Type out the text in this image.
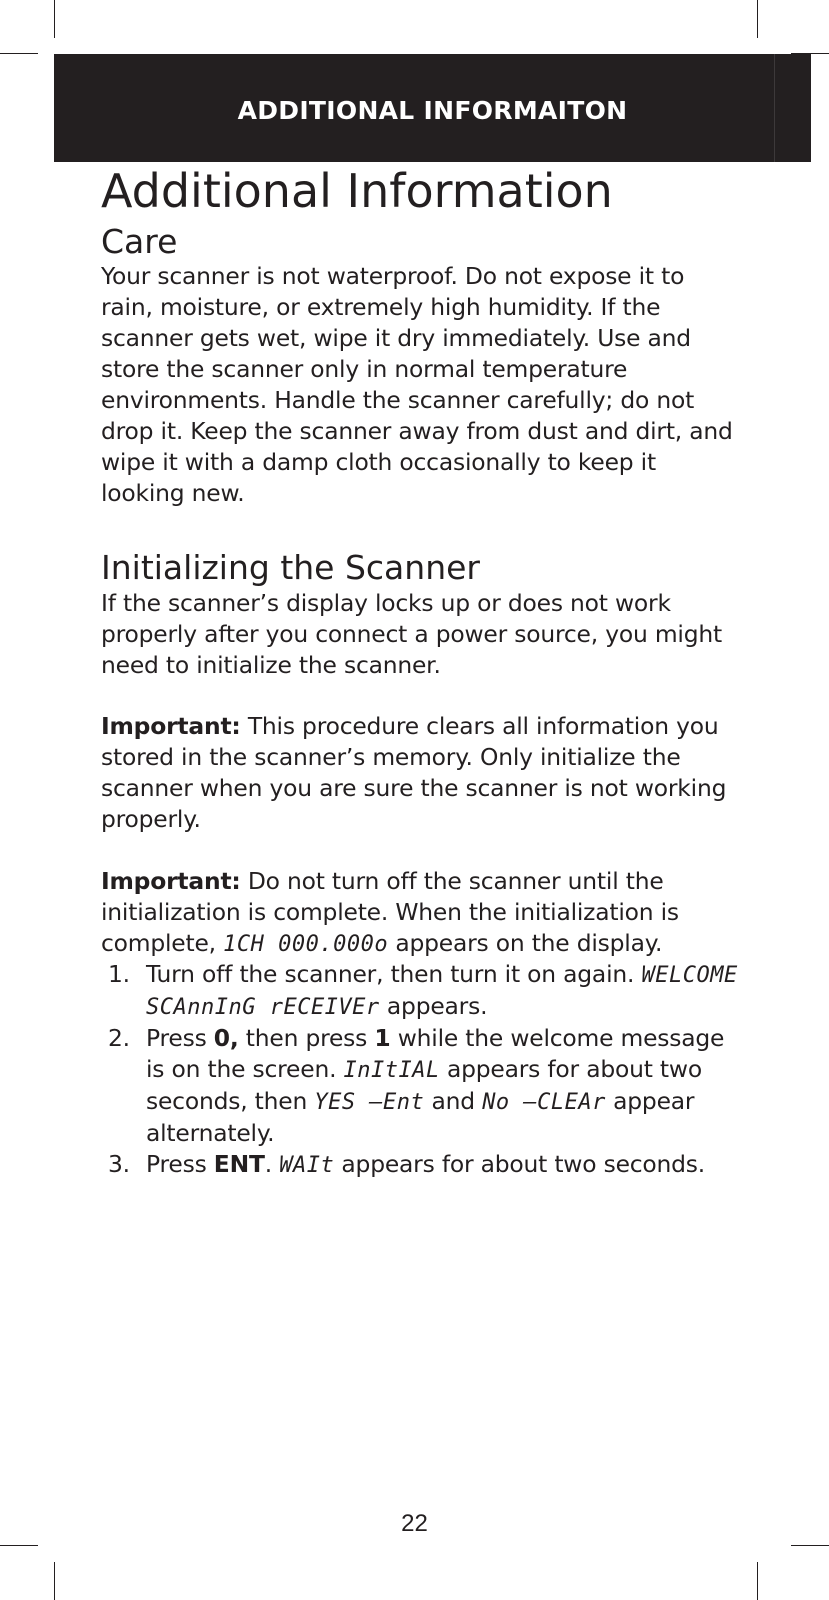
ADDITIONAL INFORMAITON
Additional Information
Care

Your scanner is not waterproof. Do not expose it to rain, moisture, or extremely high humidity. If the scanner gets wet, wipe it dry immediately. Use and store the scanner only in normal temperature environments. Handle the scanner carefully; do not drop it. Keep the scanner away from dust and dirt, and wipe it with a damp cloth occasionally to keep it looking new.

Initializing the Scanner

If the scanner’s display locks up or does not work properly after you connect a power source, you might need to initialize the scanner.

Important: This procedure clears all information you stored in the scanner’s memory. Only initialize the scanner when you are sure the scanner is not working properly.

Important: Do not turn off the scanner until the initialization is complete. When the initialization is complete, 1CH 000.000o appears on the display.

1. Turn off the scanner, then turn it on again. WELCOME SCAnnInG rECEIVEr appears.
2. Press 0, then press 1 while the welcome message is on the screen. InItIAL appears for about two seconds, then YES —Ent and No —CLEAr appear alternately.
3. Press ENT. WAIt appears for about two seconds.
22
